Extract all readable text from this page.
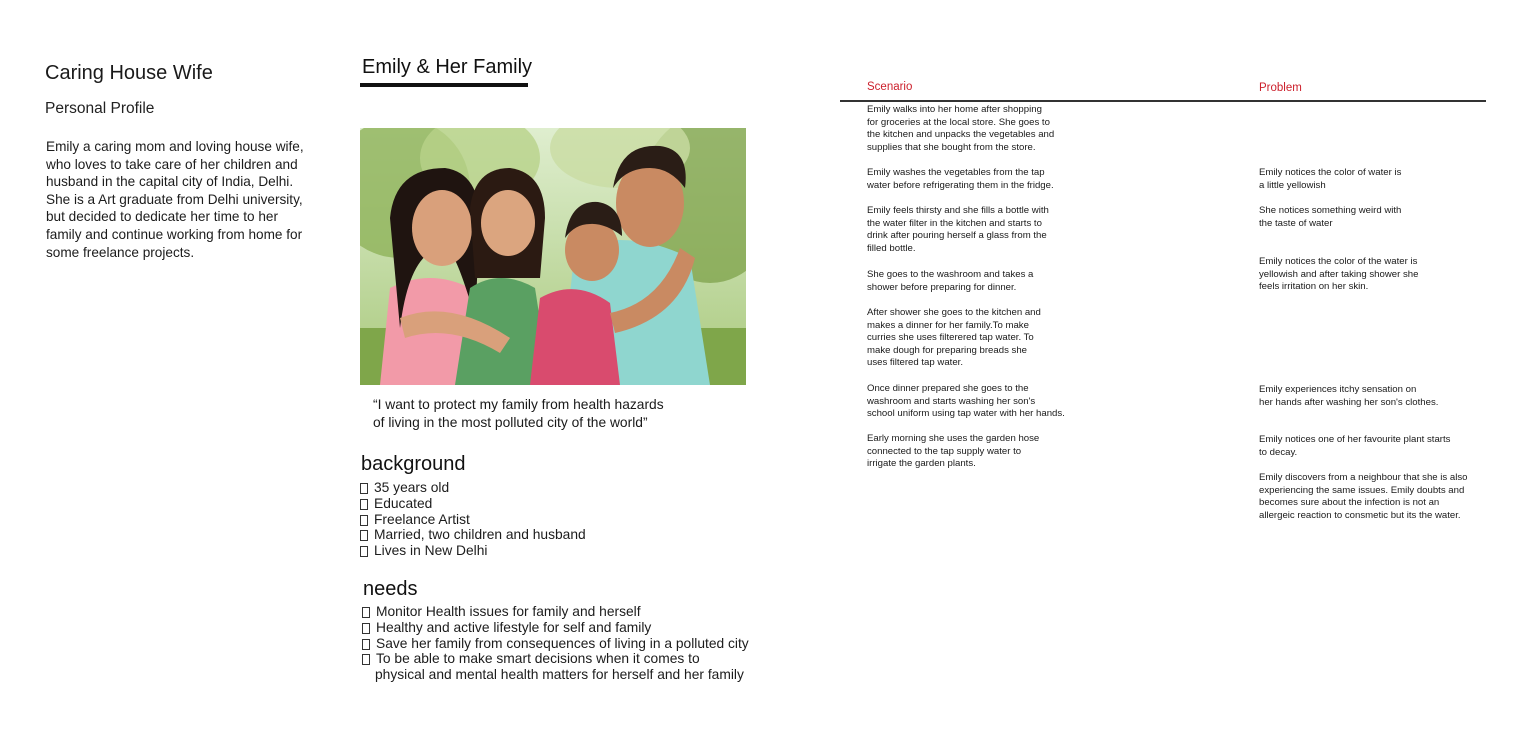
Caring House Wife
Personal Profile
Emily a caring mom and loving house wife,
who loves to take care of her children and
husband in the capital city of India, Delhi.
She is a Art graduate from Delhi university,
but decided to dedicate her time to her
family and continue working from home for
some freelance projects.
Emily & Her Family
“I want to protect my family from health hazards
of living in the most polluted city of the world”
background
35 years old
Educated
Freelance Artist
Married, two children and husband
Lives in New Delhi
needs
Monitor Health issues for family and herself
Healthy and active lifestyle for self and family
Save her family from consequences of living in a polluted city
To be able to make smart decisions when it comes to
physical and mental health matters for herself and her family
Scenario	Problem
Emily walks into her home after shopping
for groceries at the local store. She goes to
the kitchen and unpacks the vegetables and
supplies that she bought from the store.
Emily washes the vegetables from the tap
water before refrigerating them in the fridge.
Emily feels thirsty and she fills a bottle with
the water filter in the kitchen and starts to
drink after pouring herself a glass from the
filled bottle.
She goes to the washroom and takes a
shower before preparing for dinner.
After shower she goes to the kitchen and
makes a dinner for her family.To make
curries she uses filterered tap water. To
make dough for preparing breads she
uses filtered tap water.
Once dinner prepared she goes to the
washroom and starts washing her son's
school uniform using tap water with her hands.
Early morning she uses the garden hose
connected to the tap supply water to
irrigate the garden plants.
Emily notices the color of water is
a little yellowish
She notices something weird with
the taste of water
Emily notices the color of the water is
yellowish and after taking shower she
feels irritation on her skin.
Emily experiences itchy sensation on
her hands after washing her son's clothes.
Emily notices one of her favourite plant starts
to decay.
Emily discovers from a neighbour that she is also
experiencing the same issues. Emily doubts and
becomes sure about the infection is not an
allergeic reaction to consmetic but its the water.
